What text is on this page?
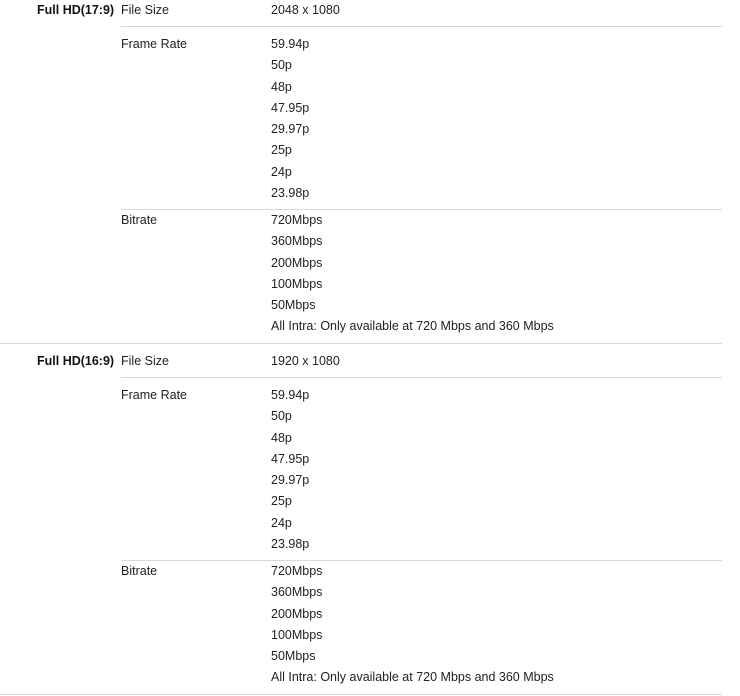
Full HD(17:9) File Size	2048 x 1080
Frame Rate	59.94p
50p
48p
47.95p
29.97p
25p
24p
23.98p
Bitrate	720Mbps
360Mbps
200Mbps
100Mbps
50Mbps
All Intra: Only available at 720 Mbps and 360 Mbps
Full HD(16:9) File Size	1920 x 1080
Frame Rate	59.94p
50p
48p
47.95p
29.97p
25p
24p
23.98p
Bitrate	720Mbps
360Mbps
200Mbps
100Mbps
50Mbps
All Intra: Only available at 720 Mbps and 360 Mbps
